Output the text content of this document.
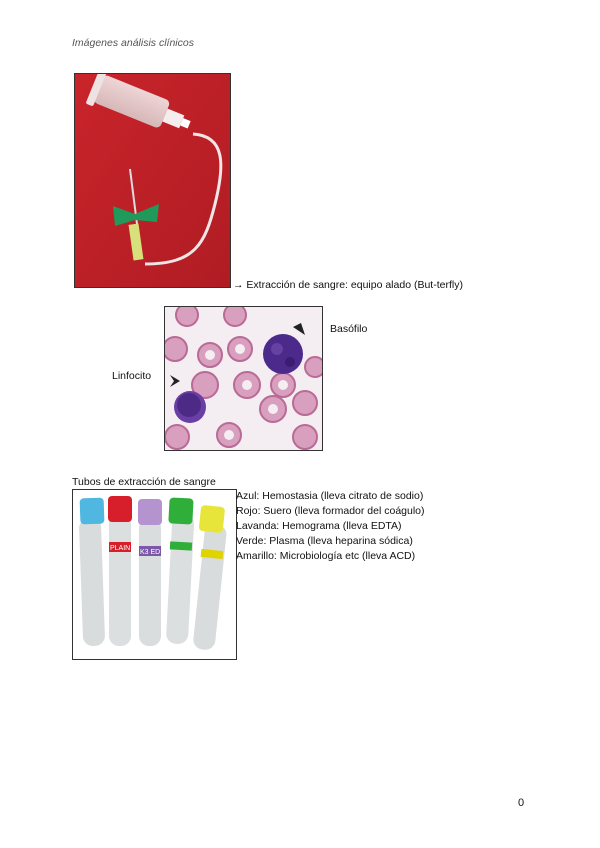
Imágenes análisis clínicos
→ Extracción de sangre: equipo alado (But-terfly)
Basófilo
Linfocito
Tubos de extracción de sangre
PLAIN
K3 ED
Azul: Hemostasia (lleva citrato de sodio)
Rojo: Suero (lleva formador del coágulo)
Lavanda: Hemograma (lleva EDTA)
Verde: Plasma (lleva heparina sódica)
Amarillo: Microbiología etc (lleva ACD)
0
